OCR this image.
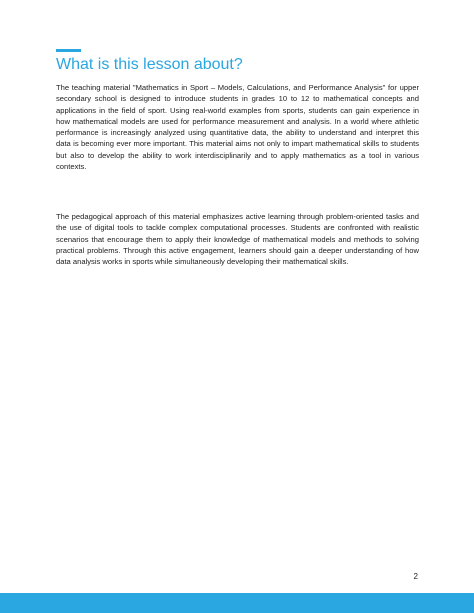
What is this lesson about?

The teaching material "Mathematics in Sport – Models, Calculations, and Performance Analysis" for upper secondary school is designed to introduce students in grades 10 to 12 to mathematical concepts and applications in the field of sport. Using real-world examples from sports, students can gain experience in how mathematical models are used for performance measurement and analysis. In a world where athletic performance is increasingly analyzed using quantitative data, the ability to understand and interpret this data is becoming ever more important. This material aims not only to impart mathematical skills to students but also to develop the ability to work interdisciplinarily and to apply mathematics as a tool in various contexts.

The pedagogical approach of this material emphasizes active learning through problem-oriented tasks and the use of digital tools to tackle complex computational processes. Students are confronted with realistic scenarios that encourage them to apply their knowledge of mathematical models and methods to solving practical problems. Through this active engagement, learners should gain a deeper understanding of how data analysis works in sports while simultaneously developing their mathematical skills.

2
